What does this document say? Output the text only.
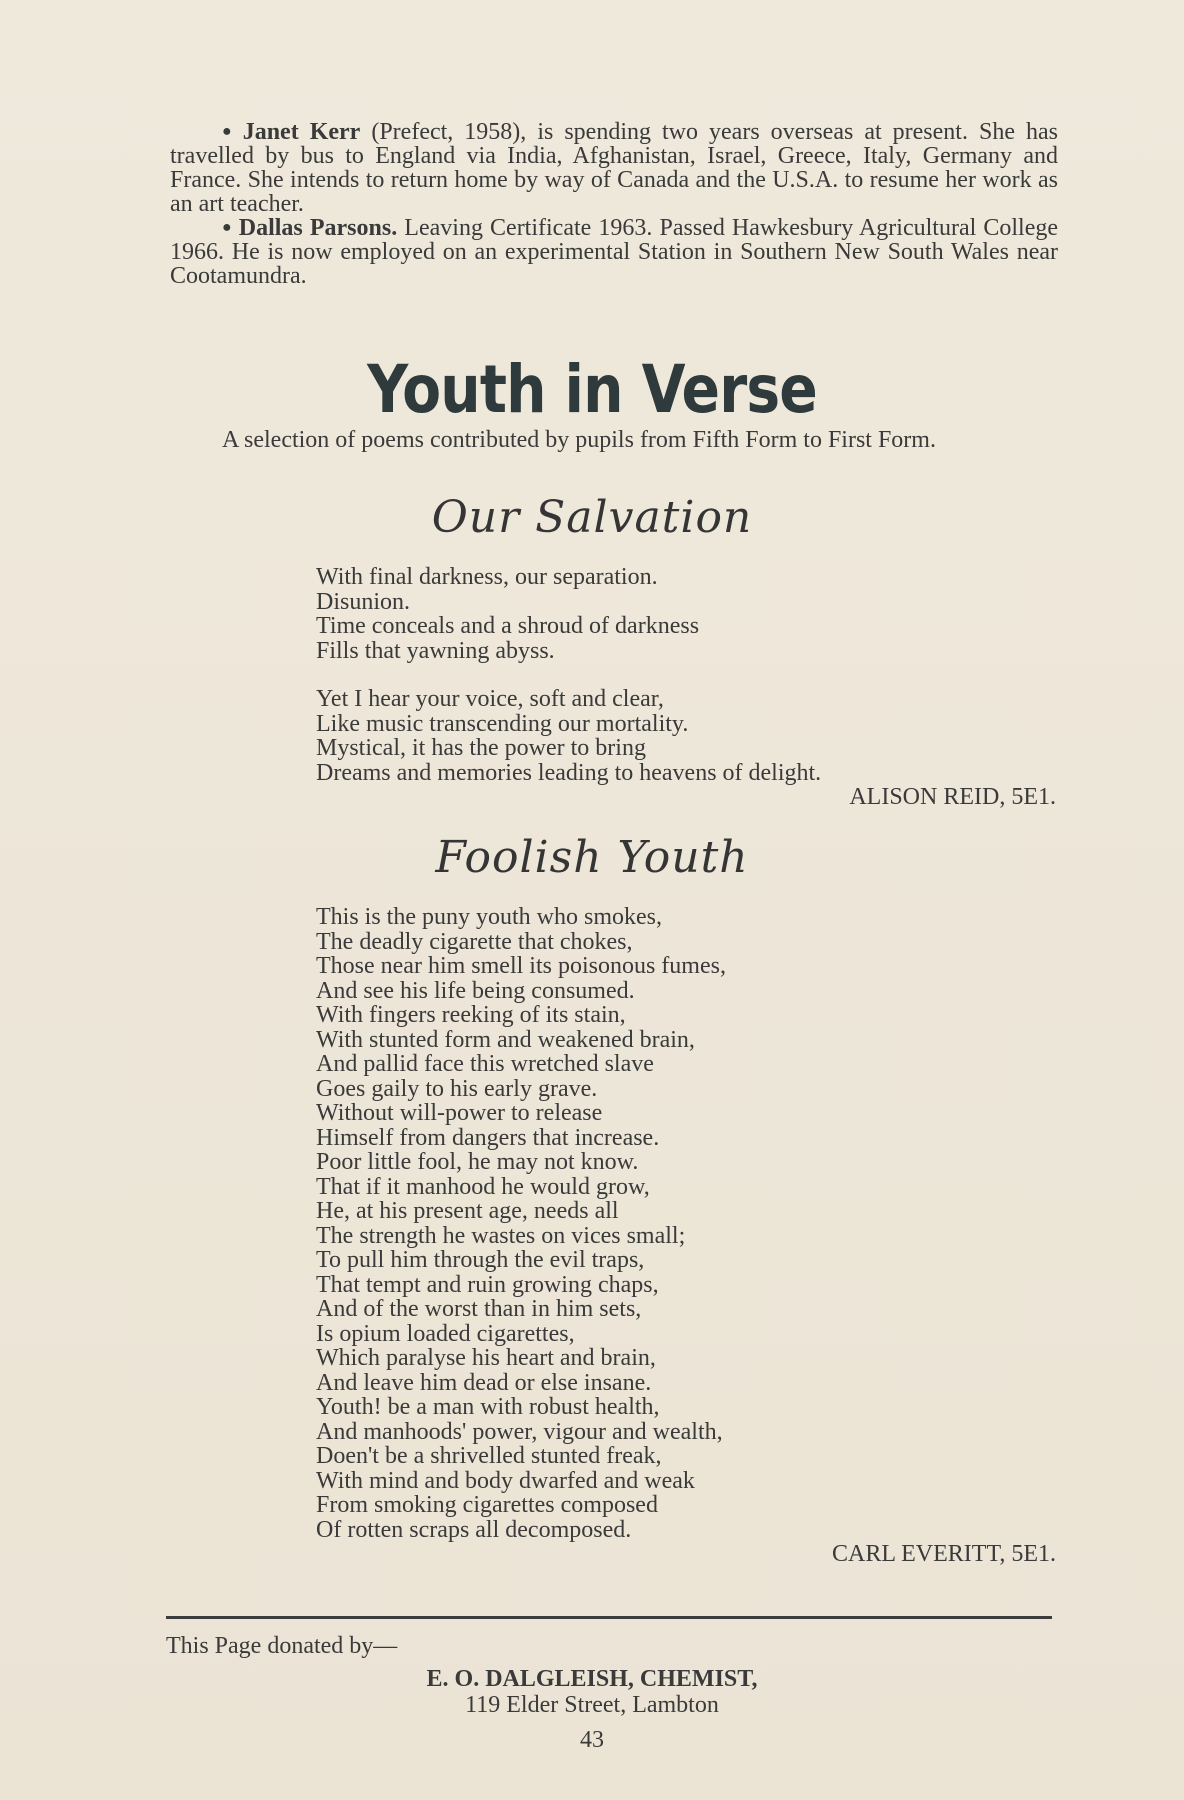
● Janet Kerr (Prefect, 1958), is spending two years overseas at present. She has travelled by bus to England via India, Afghanistan, Israel, Greece, Italy, Germany and France. She intends to return home by way of Canada and the U.S.A. to resume her work as an art teacher.

● Dallas Parsons. Leaving Certificate 1963. Passed Hawkesbury Agricultural College 1966. He is now employed on an experimental Station in Southern New South Wales near Cootamundra.

Youth in Verse

A selection of poems contributed by pupils from Fifth Form to First Form.

Our Salvation
With final darkness, our separation.
Disunion.
Time conceals and a shroud of darkness
Fills that yawning abyss.
Yet I hear your voice, soft and clear,
Like music transcending our mortality.
Mystical, it has the power to bring
Dreams and memories leading to heavens of delight.
ALISON REID, 5E1.
Foolish Youth
This is the puny youth who smokes,
The deadly cigarette that chokes,
Those near him smell its poisonous fumes,
And see his life being consumed.
With fingers reeking of its stain,
With stunted form and weakened brain,
And pallid face this wretched slave
Goes gaily to his early grave.
Without will-power to release
Himself from dangers that increase.
Poor little fool, he may not know.
That if it manhood he would grow,
He, at his present age, needs all
The strength he wastes on vices small;
To pull him through the evil traps,
That tempt and ruin growing chaps,
And of the worst than in him sets,
Is opium loaded cigarettes,
Which paralyse his heart and brain,
And leave him dead or else insane.
Youth! be a man with robust health,
And manhoods' power, vigour and wealth,
Doen't be a shrivelled stunted freak,
With mind and body dwarfed and weak
From smoking cigarettes composed
Of rotten scraps all decomposed.
CARL EVERITT, 5E1.
This Page donated by—
E. O. DALGLEISH, CHEMIST,
119 Elder Street, Lambton
43
